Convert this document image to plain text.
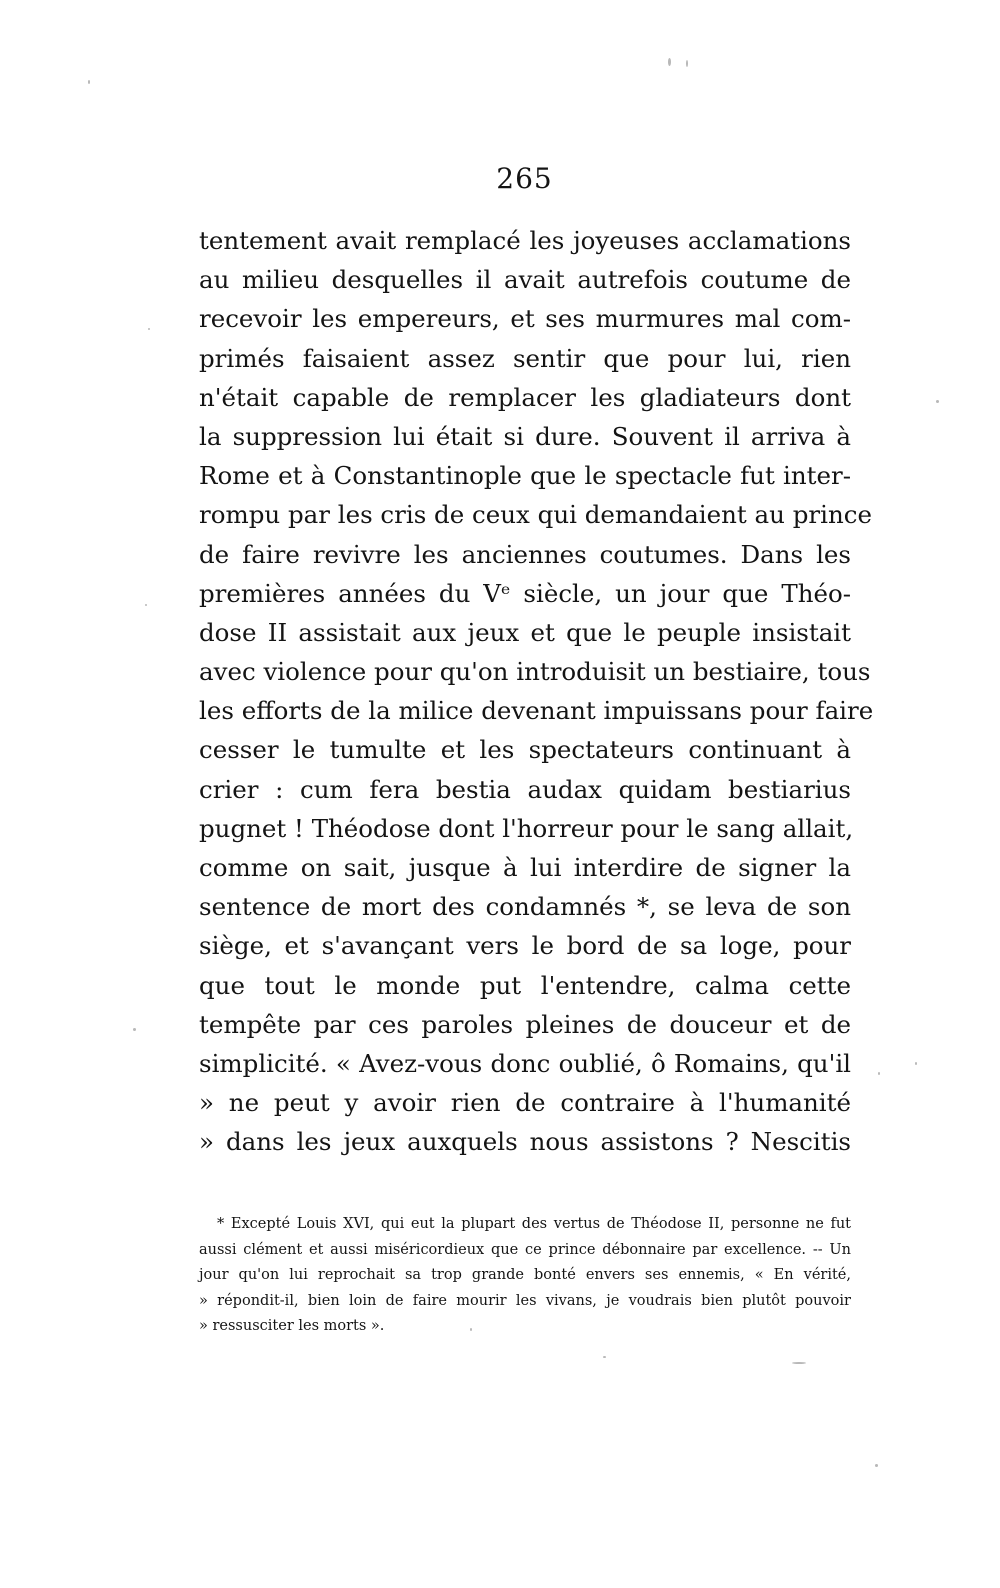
265
tentement avait remplacé les joyeuses acclamations
au milieu desquelles il avait autrefois coutume de
recevoir les empereurs, et ses murmures mal com-
primés faisaient assez sentir que pour lui, rien
n'était capable de remplacer les gladiateurs dont
la suppression lui était si dure. Souvent il arriva à
Rome et à Constantinople que le spectacle fut inter-
rompu par les cris de ceux qui demandaient au prince
de faire revivre les anciennes coutumes. Dans les
premières années du Vᵉ siècle, un jour que Théo-
dose II assistait aux jeux et que le peuple insistait
avec violence pour qu'on introduisit un bestiaire, tous
les efforts de la milice devenant impuissans pour faire
cesser le tumulte et les spectateurs continuant à
crier : cum fera bestia audax quidam bestiarius
pugnet ! Théodose dont l'horreur pour le sang allait,
comme on sait, jusque à lui interdire de signer la
sentence de mort des condamnés *, se leva de son
siège, et s'avançant vers le bord de sa loge, pour
que tout le monde put l'entendre, calma cette
tempête par ces paroles pleines de douceur et de
simplicité. « Avez-vous donc oublié, ô Romains, qu'il
» ne peut y avoir rien de contraire à l'humanité
» dans les jeux auxquels nous assistons ? Nescitis
* Excepté Louis XVI, qui eut la plupart des vertus de Théodose II, personne ne fut
aussi clément et aussi miséricordieux que ce prince débonnaire par excellence. -- Un
jour qu'on lui reprochait sa trop grande bonté envers ses ennemis, « En vérité,
» répondit-il, bien loin de faire mourir les vivans, je voudrais bien plutôt pouvoir
» ressusciter les morts ».
